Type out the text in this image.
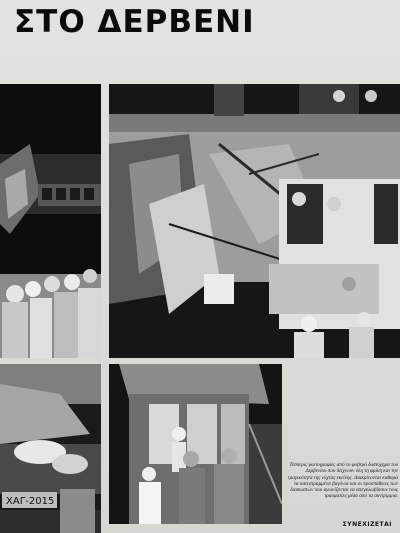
ΣΤΟ ΔΕΡΒΕΝΙ
ΧΑΓ-2015
Τέσσερις φωτογραφίες από το φοβερό δυστύχημα του Δερβενίου που δείχνουν όλη τη φρίκη και την τραγικότητα της νύχτας εκείνης. Διακρίνονται καθαρά τα κατεστραμμένα βαγόνια και οι προσπάθειες των διασωστών που αγωνίζονται να απεγκλωβίσουν τους τραυματίες μέσα από τα συντρίμμια.
ΣΥΝΕΧΙΖΕΤΑΙ
